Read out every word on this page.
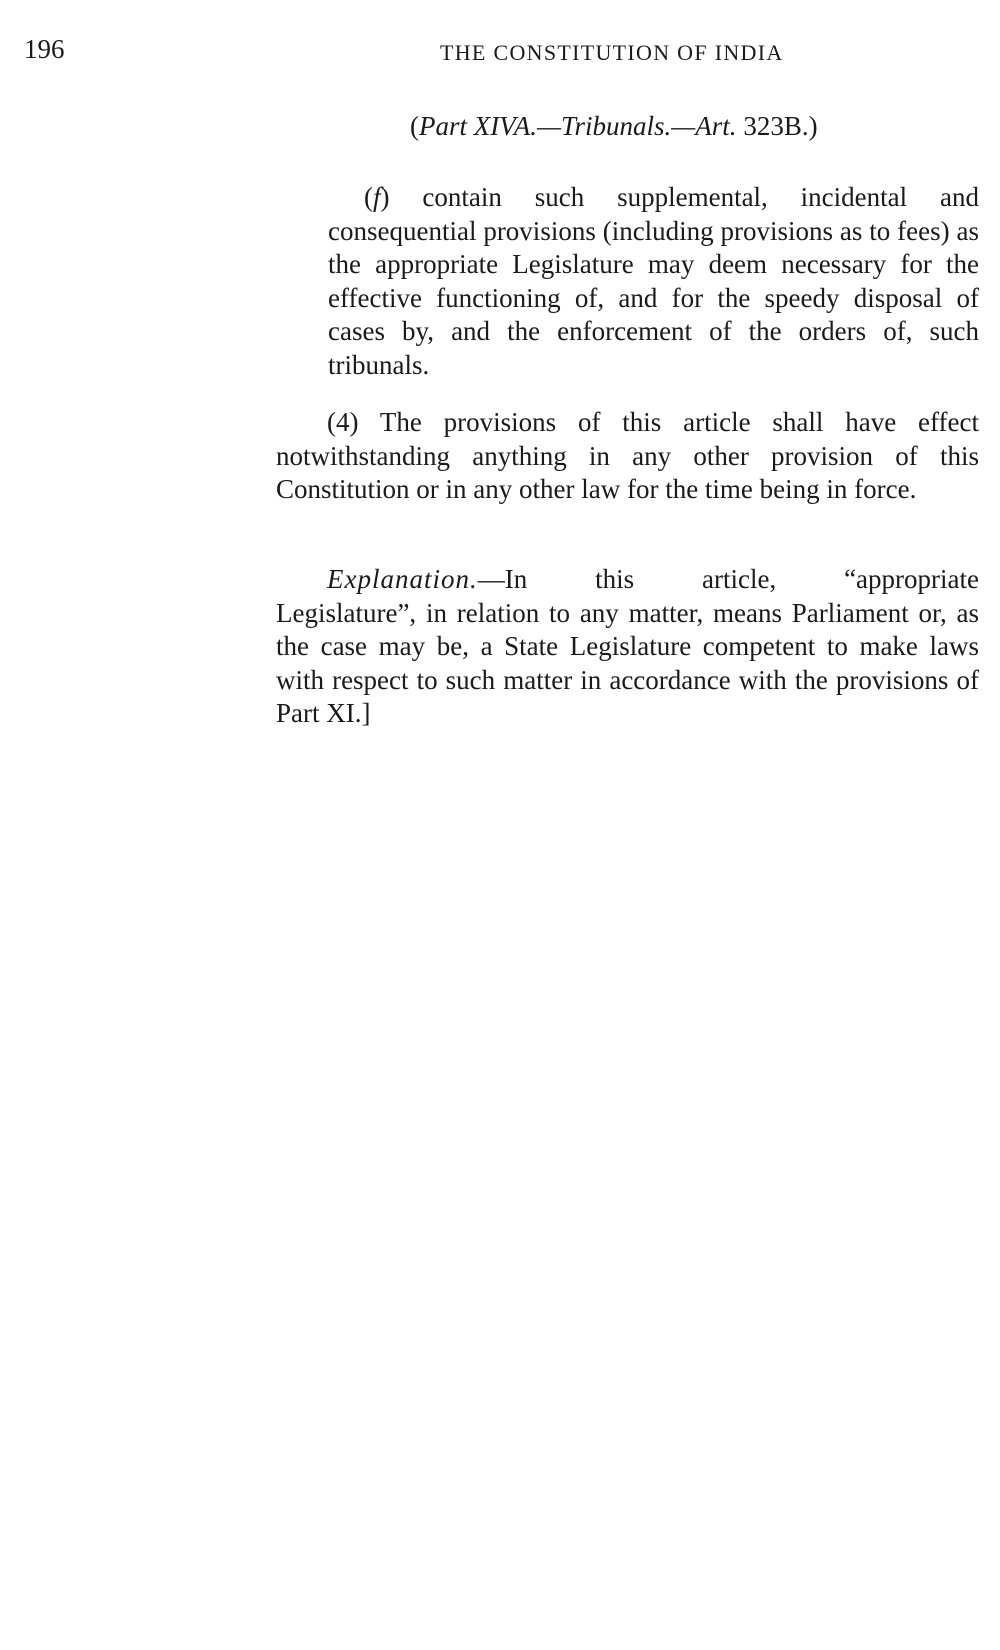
196	THE CONSTITUTION OF INDIA
(Part XIVA.—Tribunals.—Art. 323B.)

(f) contain such supplemental, incidental and consequential provisions (including provisions as to fees) as the appropriate Legislature may deem necessary for the effective functioning of, and for the speedy disposal of cases by, and the enforcement of the orders of, such tribunals.

(4) The provisions of this article shall have effect notwithstanding anything in any other provision of this Constitution or in any other law for the time being in force.

Explanation.—In this article, “appropriate Legislature”, in relation to any matter, means Parliament or, as the case may be, a State Legislature competent to make laws with respect to such matter in accordance with the provisions of Part XI.]
